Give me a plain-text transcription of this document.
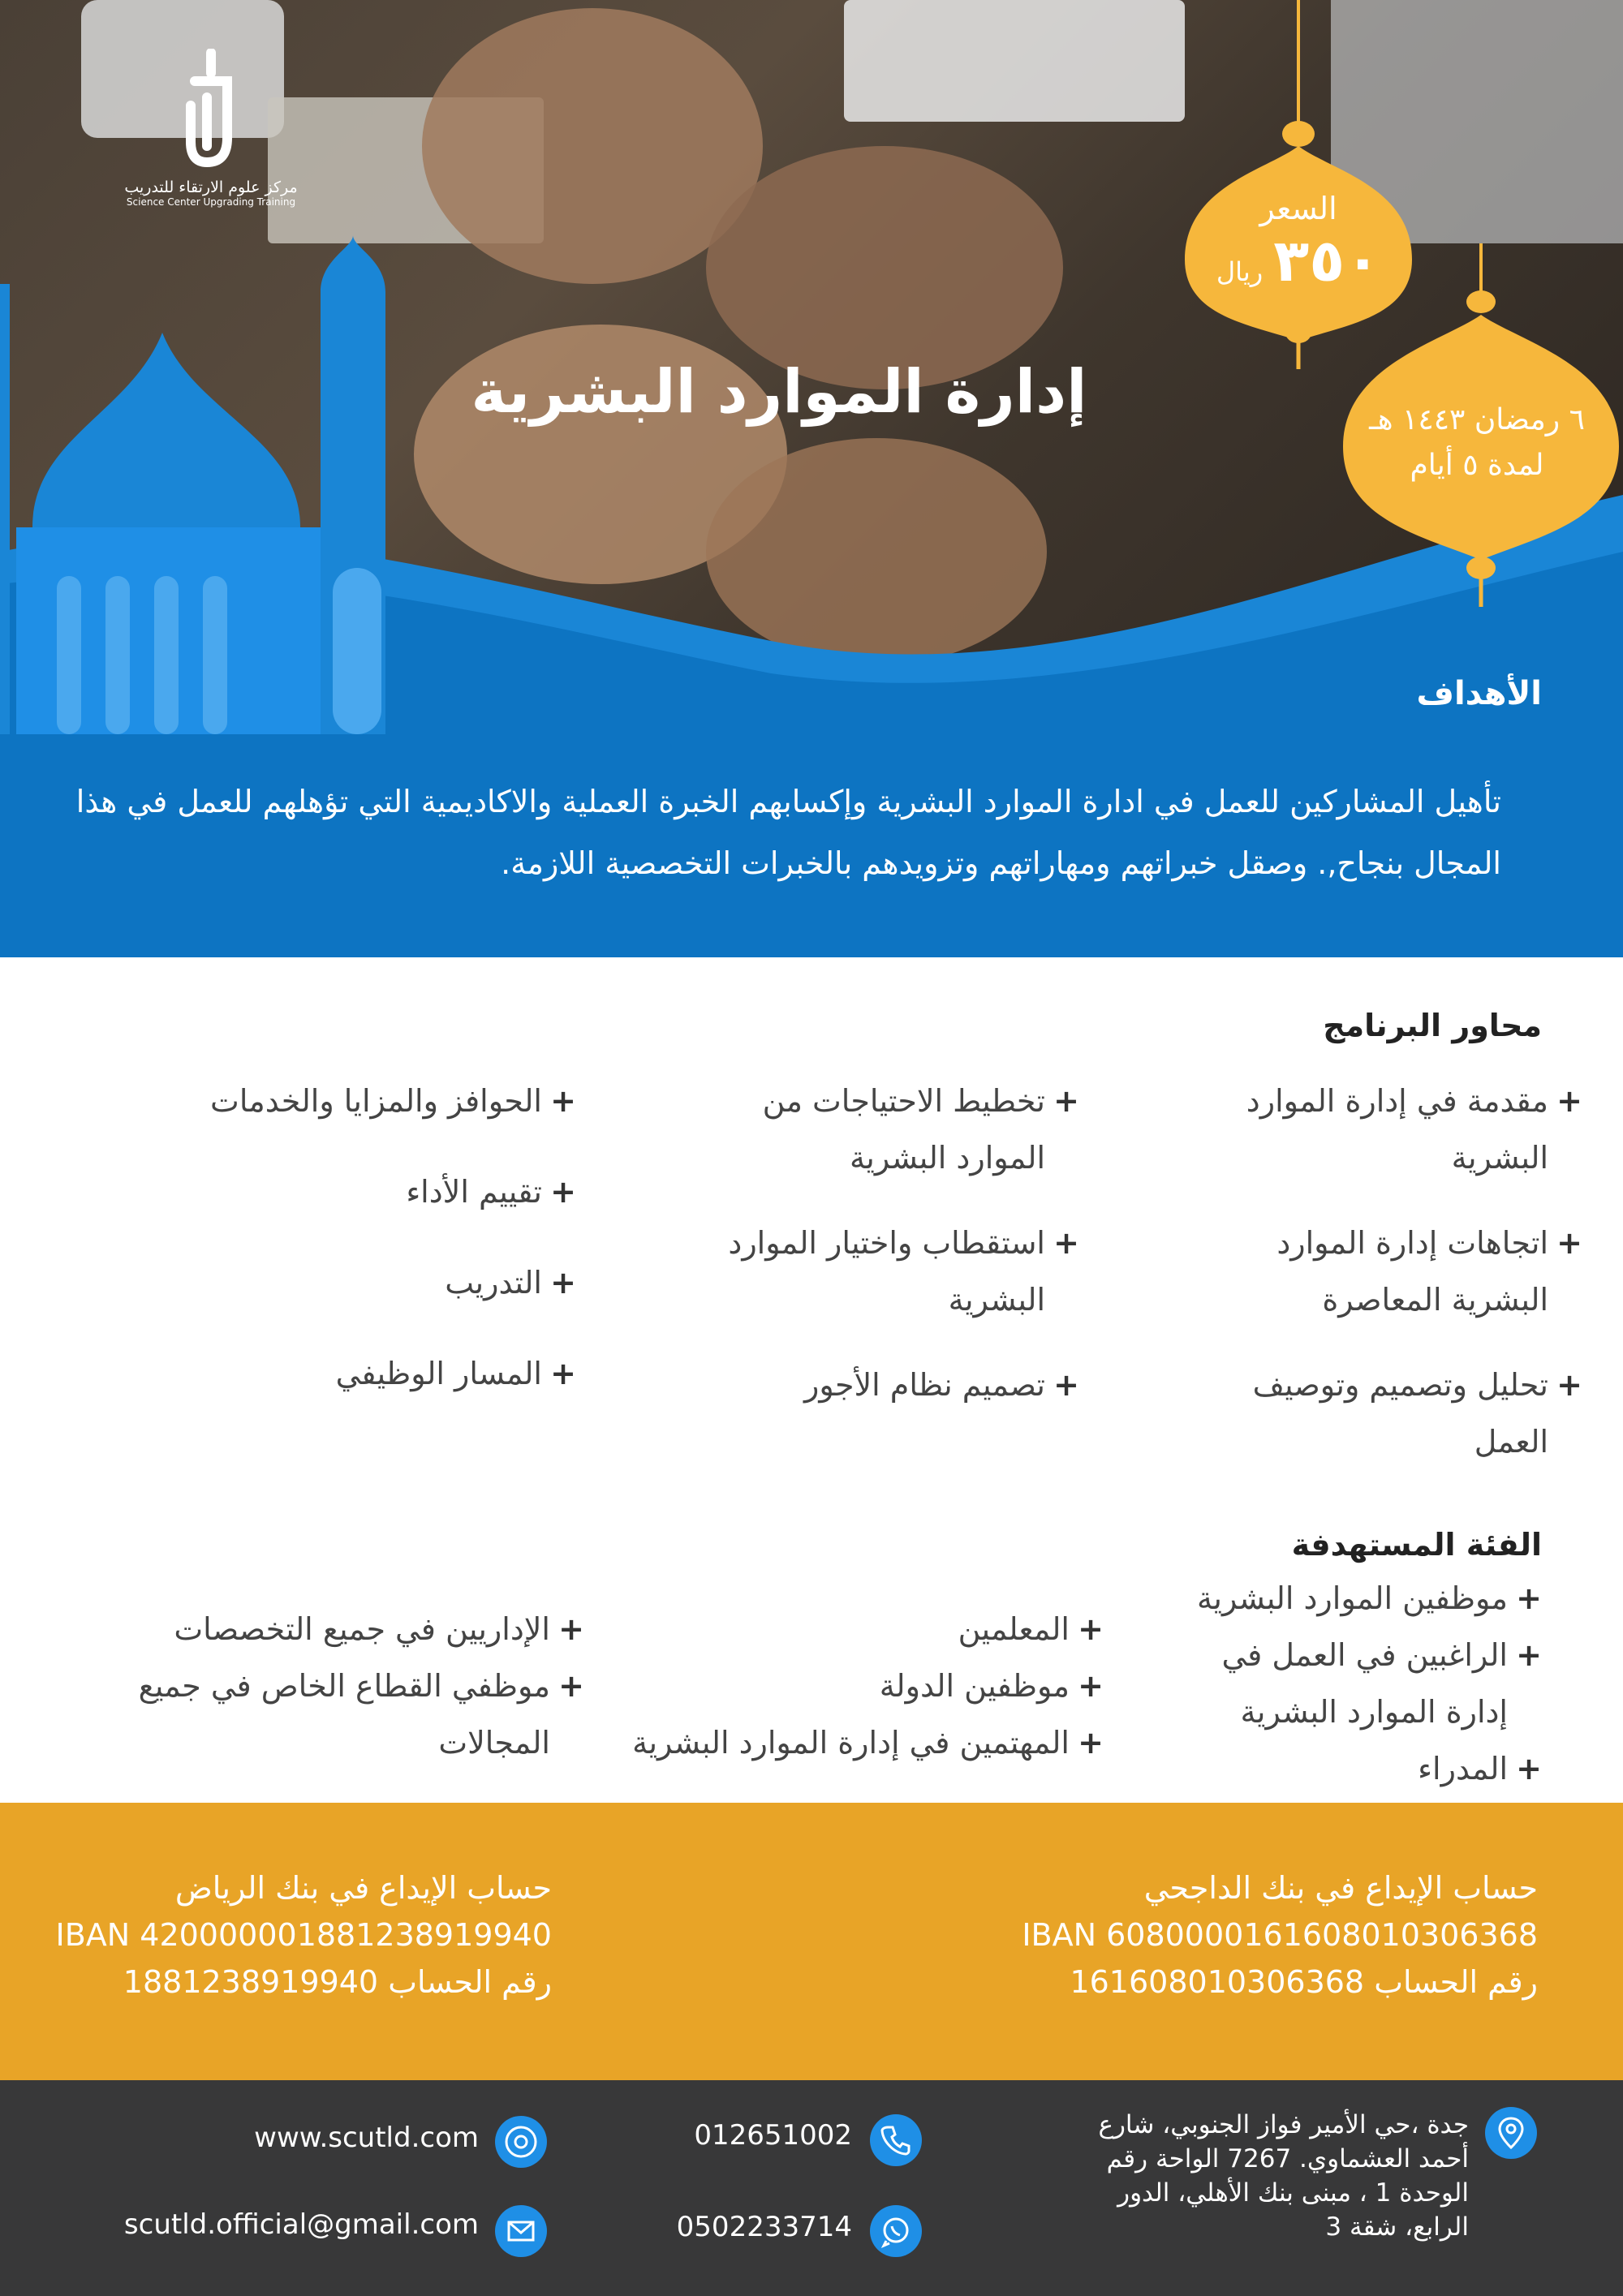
مركز علوم الارتقاء للتدريب
Science Center Upgrading Training
إدارة الموارد البشرية
السعر
٣٥٠ ريال
٦ رمضان ١٤٤٣ هـ
لمدة ٥ أيام
الأهداف
تأهيل المشاركين للعمل في ادارة الموارد البشرية وإكسابهم الخبرة العملية والاكاديمية التي تؤهلهم للعمل في هذا المجال بنجاح,. وصقل خبراتهم ومهاراتهم وتزويدهم بالخبرات التخصصية اللازمة.
محاور البرنامج
+مقدمة في إدارة الموارد
البشرية
+اتجاهات إدارة الموارد
البشرية المعاصرة
+تحليل وتصميم وتوصيف
العمل
+تخطيط الاحتياجات من
الموارد البشرية
+استقطاب واختيار الموارد
البشرية
+تصميم نظام الأجور
+الحوافز والمزايا والخدمات
+تقييم الأداء
+التدريب
+المسار الوظيفي
الفئة المستهدفة
+موظفين الموارد البشرية
+الراغبين في العمل في
إدارة الموارد البشرية
+المدراء
+المعلمين
+موظفين الدولة
+المهتمين في إدارة الموارد البشرية
+الإداريين في جميع التخصصات
+موظفي القطاع الخاص في جميع
المجالات
حساب الإيداع في بنك الداجحي
IBAN 608000016160801030636‪8
رقم الحساب 161608010306368
حساب الإيداع في بنك الرياض
IBAN 420000001881238919940
رقم الحساب 1881238919940
جدة ،حي الأمير فواز الجنوبي، شارع أحمد العشماوي. 7267 الواحة رقم الوحدة 1 ، مبنى بنك الأهلي، الدور الرابع، شقة 3
012651002
0502233714
www.scutld.com
scutld.official@gmail.com
